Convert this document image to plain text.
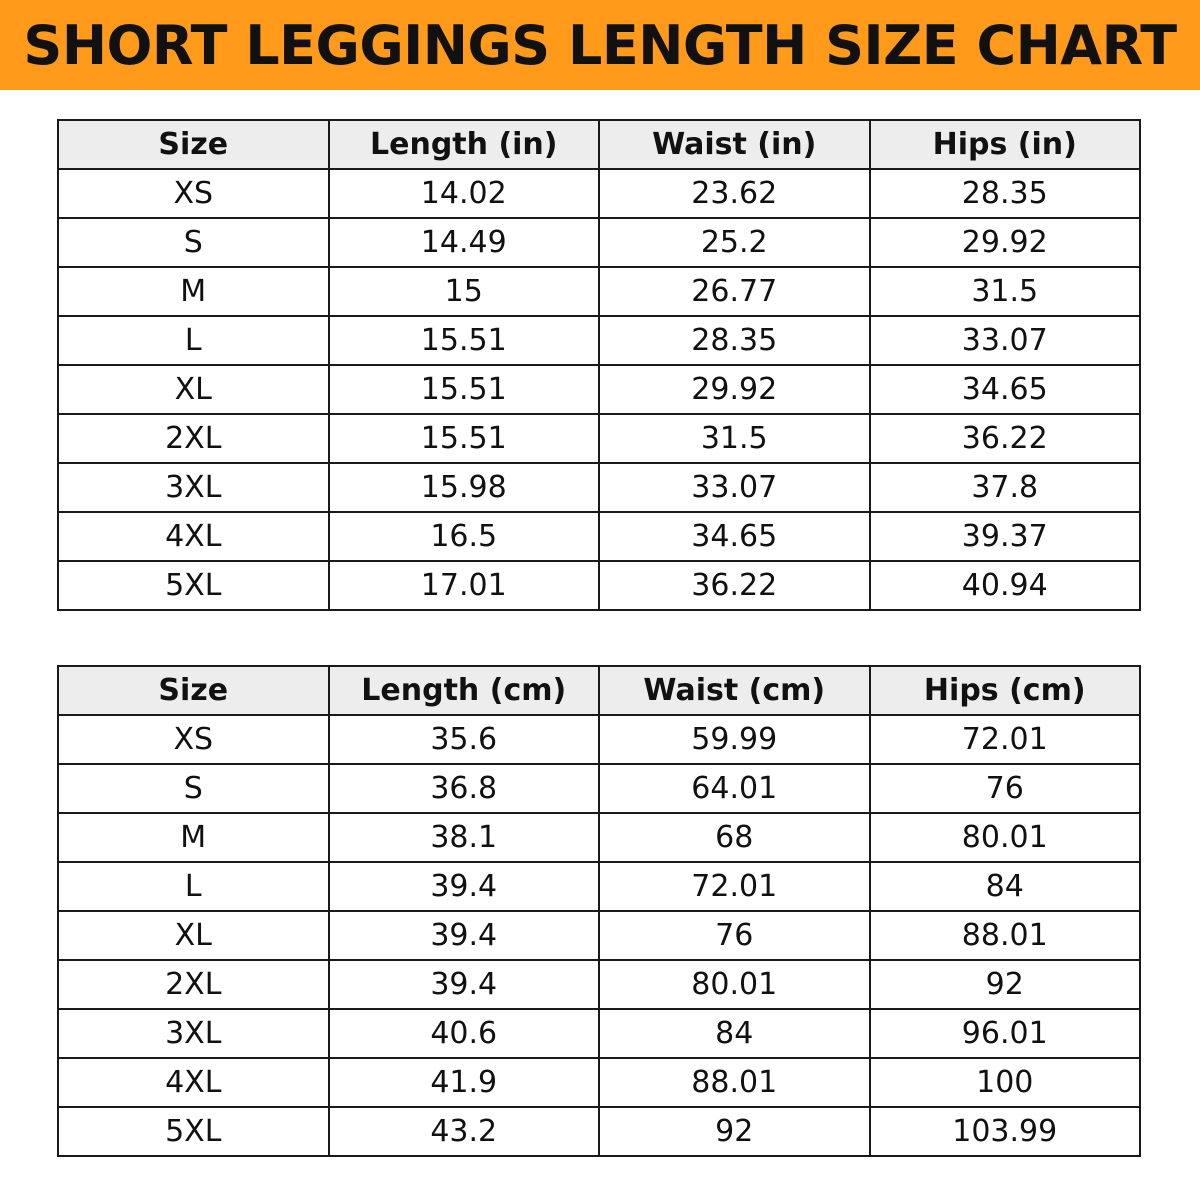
SHORT LEGGINGS LENGTH SIZE CHART
Size	Length (in)	Waist (in)	Hips (in)
XS	14.02	23.62	28.35
S	14.49	25.2	29.92
M	15	26.77	31.5
L	15.51	28.35	33.07
XL	15.51	29.92	34.65
2XL	15.51	31.5	36.22
3XL	15.98	33.07	37.8
4XL	16.5	34.65	39.37
5XL	17.01	36.22	40.94
Size	Length (cm)	Waist (cm)	Hips (cm)
XS	35.6	59.99	72.01
S	36.8	64.01	76
M	38.1	68	80.01
L	39.4	72.01	84
XL	39.4	76	88.01
2XL	39.4	80.01	92
3XL	40.6	84	96.01
4XL	41.9	88.01	100
5XL	43.2	92	103.99
